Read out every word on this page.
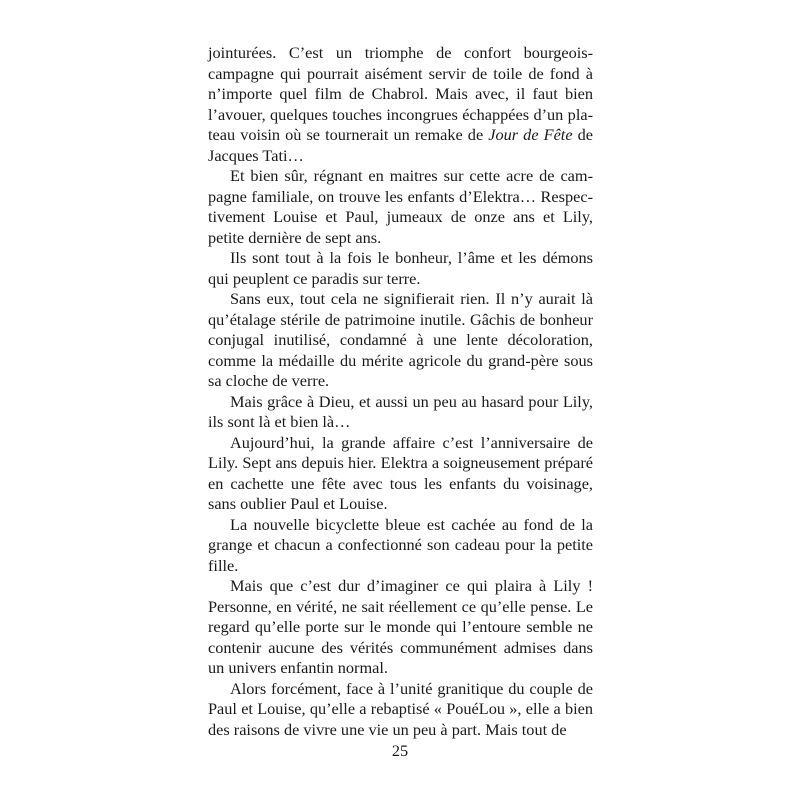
jointurées. C’est un triomphe de confort bourgeois-campagne qui pourrait aisément servir de toile de fond à n’importe quel film de Chabrol. Mais avec, il faut bien l’avouer, quelques touches incongrues échappées d’un plateau voisin où se tournerait un remake de Jour de Fête de Jacques Tati…

Et bien sûr, régnant en maitres sur cette acre de campagne familiale, on trouve les enfants d’Elektra… Respectivement Louise et Paul, jumeaux de onze ans et Lily, petite dernière de sept ans.

Ils sont tout à la fois le bonheur, l’âme et les démons qui peuplent ce paradis sur terre.

Sans eux, tout cela ne signifierait rien. Il n’y aurait là qu’étalage stérile de patrimoine inutile. Gâchis de bonheur conjugal inutilisé, condamné à une lente décoloration, comme la médaille du mérite agricole du grand-père sous sa cloche de verre.

Mais grâce à Dieu, et aussi un peu au hasard pour Lily, ils sont là et bien là…

Aujourd’hui, la grande affaire c’est l’anniversaire de Lily. Sept ans depuis hier. Elektra a soigneusement préparé en cachette une fête avec tous les enfants du voisinage, sans oublier Paul et Louise.

La nouvelle bicyclette bleue est cachée au fond de la grange et chacun a confectionné son cadeau pour la petite fille.

Mais que c’est dur d’imaginer ce qui plaira à Lily ! Personne, en vérité, ne sait réellement ce qu’elle pense. Le regard qu’elle porte sur le monde qui l’entoure semble ne contenir aucune des vérités communément admises dans un univers enfantin normal.

Alors forcément, face à l’unité granitique du couple de Paul et Louise, qu’elle a rebaptisé « PouéLou », elle a bien des raisons de vivre une vie un peu à part. Mais tout de

25
